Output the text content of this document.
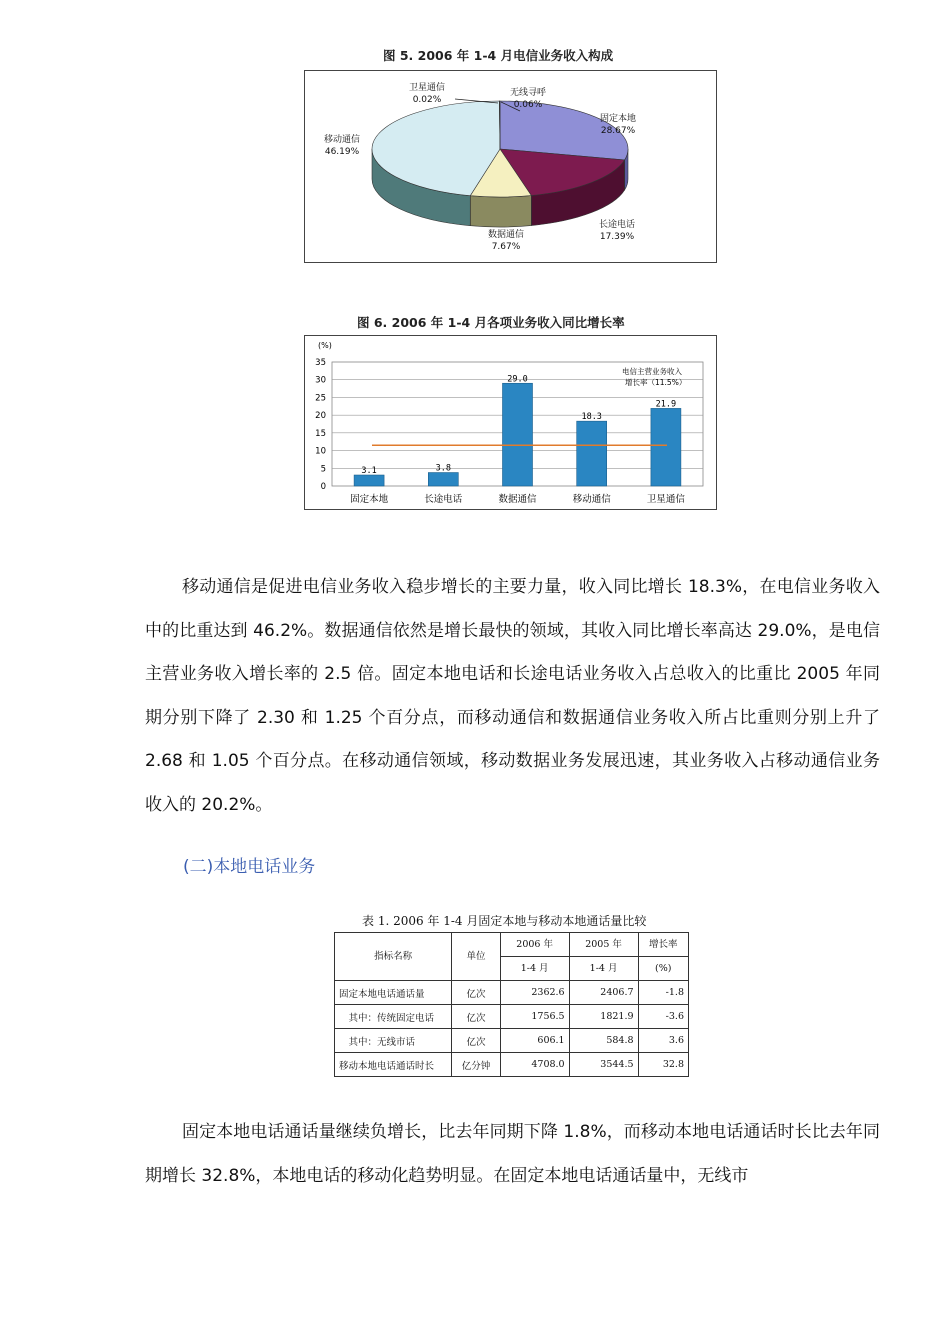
图 5. 2006 年 1-4 月电信业务收入构成
卫星通信
0.02%
无线寻呼
0.06%
固定本地
28.67%
移动通信
46.19%
长途电话
17.39%
数据通信
7.67%
图 6. 2006 年 1-4 月各项业务收入同比增长率
0
5
10
15
20
25
30
35
(%)
3.1
固定本地
3.8
长途电话
29.0
数据通信
18.3
移动通信
21.9
卫星通信
电信主营业务收入
增长率（11.5%）

移动通信是促进电信业务收入稳步增长的主要力量，收入同比增长 18.3%，在电信业务收入中的比重达到 46.2%。数据通信依然是增长最快的领域，其收入同比增长率高达 29.0%，是电信主营业务收入增长率的 2.5 倍。固定本地电话和长途电话业务收入占总收入的比重比 2005 年同期分别下降了 2.30 和 1.25 个百分点，而移动通信和数据通信业务收入所占比重则分别上升了 2.68 和 1.05 个百分点。在移动通信领域，移动数据业务发展迅速，其业务收入占移动通信业务收入的 20.2%。

(二)本地电话业务
表 1. 2006 年 1-4 月固定本地与移动本地通话量比较
指标名称	单位	2006 年	2005 年	增长率
		1-4 月	1-4 月	(%)
固定本地电话通话量	亿次	2362.6	2406.7	-1.8
　其中：传统固定电话	亿次	1756.5	1821.9	-3.6
　其中：无线市话	亿次	606.1	584.8	3.6
移动本地电话通话时长	亿分钟	4708.0	3544.5	32.8

固定本地电话通话量继续负增长，比去年同期下降 1.8%，而移动本地电话通话时长比去年同期增长 32.8%，本地电话的移动化趋势明显。在固定本地电话通话量中，无线市
